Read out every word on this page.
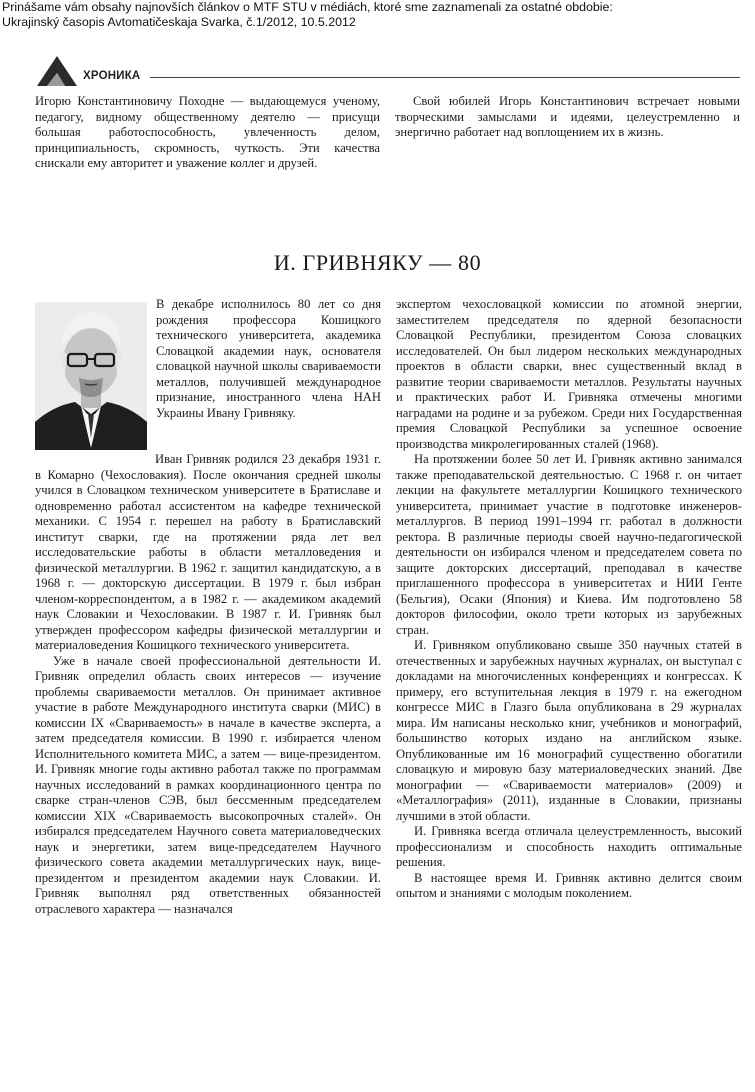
Prinášame vám obsahy najnovších článkov o MTF STU v médiách, ktoré sme zaznamenali za ostatné obdobie:
Ukrajinský časopis Avtomatičeskaja Svarka, č.1/2012, 10.5.2012
ХРОНИКА

Игорю Константиновичу Походне — выдающемуся ученому, педагогу, видному общественному деятелю — присущи большая работоспособность, увлеченность делом, принципиальность, скромность, чуткость. Эти качества снискали ему авторитет и уважение коллег и друзей.

Свой юбилей Игорь Константинович встречает новыми творческими замыслами и идеями, целеустремленно и энергично работает над воплощением их в жизнь.

И. ГРИВНЯКУ — 80

В декабре исполнилось 80 лет со дня рождения профессора Кошицкого технического университета, академика Словацкой академии наук, основателя словацкой научной школы свариваемости металлов, получившей международное признание, иностранного члена НАН Украины Ивану Гривняку.

Иван Гривняк родился 23 декабря 1931 г. в Комарно (Чехословакия). После окончания средней школы учился в Словацком техническом университете в Братиславе и одновременно работал ассистентом на кафедре технической механики. С 1954 г. перешел на работу в Братиславский институт сварки, где на протяжении ряда лет вел исследовательские работы в области металловедения и физической металлургии. В 1962 г. защитил кандидатскую, а в 1968 г. — докторскую диссертации. В 1979 г. был избран членом-корреспондентом, а в 1982 г. — академиком академий наук Словакии и Чехословакии. В 1987 г. И. Гривняк был утвержден профессором кафедры физической металлургии и материаловедения Кошицкого технического университета.

Уже в начале своей профессиональной деятельности И. Гривняк определил область своих интересов — изучение проблемы свариваемости металлов. Он принимает активное участие в работе Международного института сварки (МИС) в комиссии IX «Свариваемость» в начале в качестве эксперта, а затем председателя комиссии. В 1990 г. избирается членом Исполнительного комитета МИС, а затем — вице-президентом. И. Гривняк многие годы активно работал также по программам научных исследований в рамках координационного центра по сварке стран-членов СЭВ, был бессменным председателем комиссии XIX «Свариваемость высокопрочных сталей». Он избирался председателем Научного совета материаловедческих наук и энергетики, затем вице-председателем Научного физического совета академии металлургических наук, вице-президентом и президентом академии наук Словакии. И. Гривняк выполнял ряд ответственных обязанностей отраслевого характера — назначался

экспертом чехословацкой комиссии по атомной энергии, заместителем председателя по ядерной безопасности Словацкой Республики, президентом Союза словацких исследователей. Он был лидером нескольких международных проектов в области сварки, внес существенный вклад в развитие теории свариваемости металлов. Результаты научных и практических работ И. Гривняка отмечены многими наградами на родине и за рубежом. Среди них Государственная премия Словацкой Республики за успешное освоение производства микролегированных сталей (1968).

На протяжении более 50 лет И. Гривняк активно занимался также преподавательской деятельностью. С 1968 г. он читает лекции на факультете металлургии Кошицкого технического университета, принимает участие в подготовке инженеров-металлургов. В период 1991–1994 гг. работал в должности ректора. В различные периоды своей научно-педагогической деятельности он избирался членом и председателем совета по защите докторских диссертаций, преподавал в качестве приглашенного профессора в университетах и НИИ Генте (Бельгия), Осаки (Япония) и Киева. Им подготовлено 58 докторов философии, около трети которых из зарубежных стран.

И. Гривняком опубликовано свыше 350 научных статей в отечественных и зарубежных научных журналах, он выступал с докладами на многочисленных конференциях и конгрессах. К примеру, его вступительная лекция в 1979 г. на ежегодном конгрессе МИС в Глазго была опубликована в 29 журналах мира. Им написаны несколько книг, учебников и монографий, большинство которых издано на английском языке. Опубликованные им 16 монографий существенно обогатили словацкую и мировую базу материаловедческих знаний. Две монографии — «Свариваемости материалов» (2009) и «Металлография» (2011), изданные в Словакии, признаны лучшими в этой области.

И. Гривняка всегда отличала целеустремленность, высокий профессионализм и способность находить оптимальные решения.

В настоящее время И. Гривняк активно делится своим опытом и знаниями с молодым поколением.
